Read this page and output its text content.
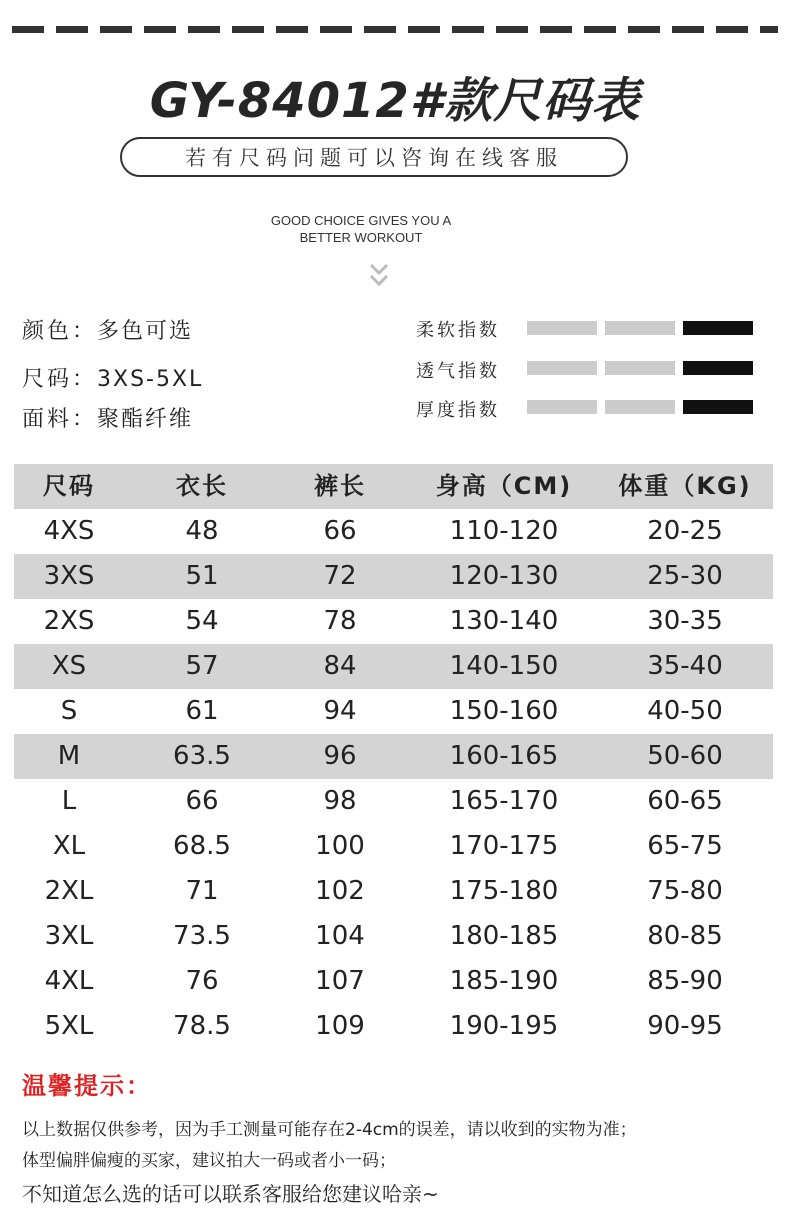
GY-84012#款尺码表
若有尺码问题可以咨询在线客服
GOOD CHOICE GIVES YOU A
BETTER WORKOUT
颜色：多色可选
尺码：3XS-5XL
面料：聚酯纤维
柔软指数
透气指数
厚度指数
尺码	衣长	裤长	身高（CM)	体重（KG)
4XS	48	66	110-120	20-25
3XS	51	72	120-130	25-30
2XS	54	78	130-140	30-35
XS	57	84	140-150	35-40
S	61	94	150-160	40-50
M	63.5	96	160-165	50-60
L	66	98	165-170	60-65
XL	68.5	100	170-175	65-75
2XL	71	102	175-180	75-80
3XL	73.5	104	180-185	80-85
4XL	76	107	185-190	85-90
5XL	78.5	109	190-195	90-95
温馨提示：
以上数据仅供参考，因为手工测量可能存在2-4cm的误差，请以收到的实物为准；
体型偏胖偏瘦的买家，建议拍大一码或者小一码；
不知道怎么选的话可以联系客服给您建议哈亲~
